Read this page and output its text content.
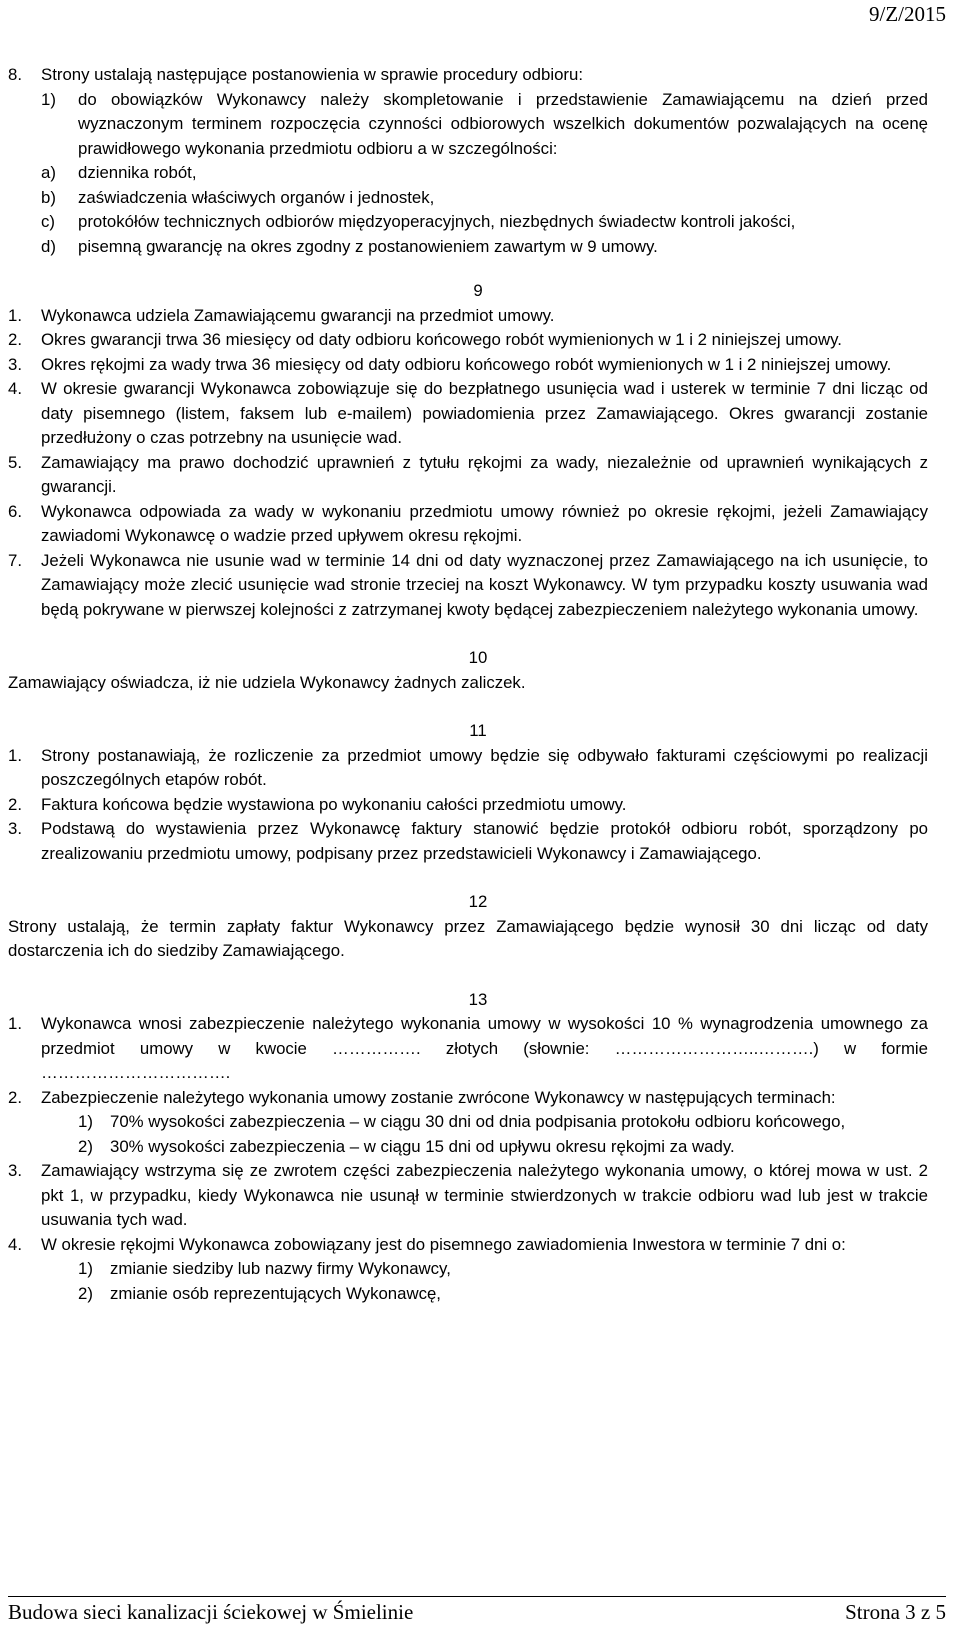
9/Z/2015
8. Strony ustalają następujące postanowienia w sprawie procedury odbioru:
1) do obowiązków Wykonawcy należy skompletowanie i przedstawienie Zamawiającemu na dzień przed wyznaczonym terminem rozpoczęcia czynności odbiorowych wszelkich dokumentów pozwalających na ocenę prawidłowego wykonania przedmiotu odbioru a w szczególności:
a) dziennika robót,
b) zaświadczenia właściwych organów i jednostek,
c) protokółów technicznych odbiorów międzyoperacyjnych, niezbędnych świadectw kontroli jakości,
d) pisemną gwarancję na okres zgodny z postanowieniem zawartym w 9 umowy.
9
1. Wykonawca udziela Zamawiającemu gwarancji na przedmiot umowy.
2. Okres gwarancji trwa 36 miesięcy od daty odbioru końcowego robót wymienionych w 1 i 2 niniejszej umowy.
3. Okres rękojmi za wady trwa 36 miesięcy od daty odbioru końcowego robót wymienionych w 1 i 2 niniejszej umowy.
4. W okresie gwarancji Wykonawca zobowiązuje się do bezpłatnego usunięcia wad i usterek w terminie 7 dni licząc od daty pisemnego (listem, faksem lub e-mailem) powiadomienia przez Zamawiającego. Okres gwarancji zostanie przedłużony o czas potrzebny na usunięcie wad.
5. Zamawiający ma prawo dochodzić uprawnień z tytułu rękojmi za wady, niezależnie od uprawnień wynikających z gwarancji.
6. Wykonawca odpowiada za wady w wykonaniu przedmiotu umowy również po okresie rękojmi, jeżeli Zamawiający zawiadomi Wykonawcę o wadzie przed upływem okresu rękojmi.
7. Jeżeli Wykonawca nie usunie wad w terminie 14 dni od daty wyznaczonej przez Zamawiającego na ich usunięcie, to Zamawiający może zlecić usunięcie wad stronie trzeciej na koszt Wykonawcy. W tym przypadku koszty usuwania wad będą pokrywane w pierwszej kolejności z zatrzymanej kwoty będącej zabezpieczeniem należytego wykonania umowy.
10
Zamawiający oświadcza, iż nie udziela Wykonawcy żadnych zaliczek.
11
1. Strony postanawiają, że rozliczenie za przedmiot umowy będzie się odbywało fakturami częściowymi po realizacji poszczególnych etapów robót.
2. Faktura końcowa będzie wystawiona po wykonaniu całości przedmiotu umowy.
3. Podstawą do wystawienia przez Wykonawcę faktury stanowić będzie protokół odbioru robót, sporządzony po zrealizowaniu przedmiotu umowy, podpisany przez przedstawicieli Wykonawcy i Zamawiającego.
12
Strony ustalają, że termin zapłaty faktur Wykonawcy przez Zamawiającego będzie wynosił 30 dni licząc od daty dostarczenia ich do siedziby Zamawiającego.
13
1. Wykonawca wnosi zabezpieczenie należytego wykonania umowy w wysokości 10 % wynagrodzenia umownego za przedmiot umowy w kwocie ……………. złotych (słownie: ……………………..……….) w formie …………………………….
2. Zabezpieczenie należytego wykonania umowy zostanie zwrócone Wykonawcy w następujących terminach:
1) 70% wysokości zabezpieczenia – w ciągu 30 dni od dnia podpisania protokołu odbioru końcowego,
2) 30% wysokości zabezpieczenia – w ciągu 15 dni od upływu okresu rękojmi za wady.
3. Zamawiający wstrzyma się ze zwrotem części zabezpieczenia należytego wykonania umowy, o której mowa w ust. 2 pkt 1, w przypadku, kiedy Wykonawca nie usunął w terminie stwierdzonych w trakcie odbioru wad lub jest w trakcie usuwania tych wad.
4. W okresie rękojmi Wykonawca zobowiązany jest do pisemnego zawiadomienia Inwestora w terminie 7 dni o:
1) zmianie siedziby lub nazwy firmy Wykonawcy,
2) zmianie osób reprezentujących Wykonawcę,
Budowa sieci kanalizacji ściekowej w Śmielinie	Strona 3 z 5
